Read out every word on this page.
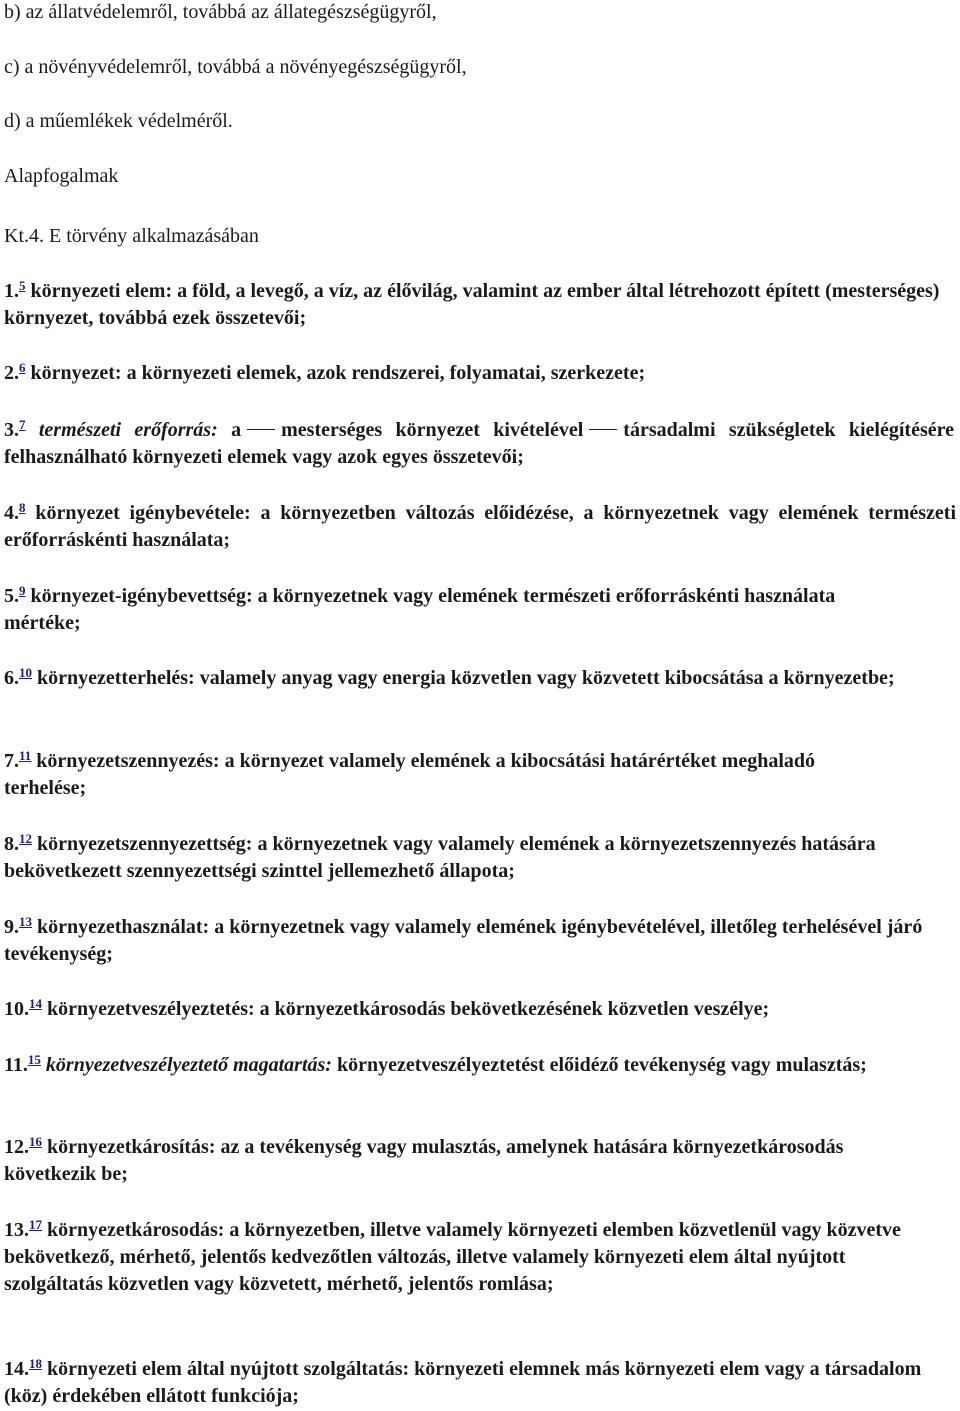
b) az állatvédelemről, továbbá az állategészségügyről,

c) a növényvédelemről, továbbá a növényegészségügyről,

d) a műemlékek védelméről.

Alapfogalmak

Kt.4. E törvény alkalmazásában

1.$^5$ környezeti elem: a föld, a levegő, a víz, az élővilág, valamint az ember által létrehozott épített (mesterséges) környezet, továbbá ezek összetevői;

2.$^6$ környezet: a környezeti elemek, azok rendszerei, folyamatai, szerkezete;

3.$^7$ természeti erőforrás: a mesterséges környezet kivételével társadalmi szükségletek kielégítésére felhasználható környezeti elemek vagy azok egyes összetevői;

4.$^8$ környezet igénybevétele: a környezetben változás előidézése, a környezetnek vagy elemének természeti erőforráskénti használata;

5.$^9$ környezet-igénybevettség: a környezetnek vagy elemének természeti erőforráskénti használata mértéke;

6.10 környezetterhelés: valamely anyag vagy energia közvetlen vagy közvetett kibocsátása a környezetbe;

7.11 környezetszennyezés: a környezet valamely elemének a kibocsátási határértéket meghaladó terhelése;

8.12 környezetszennyezettség: a környezetnek vagy valamely elemének a környezetszennyezés hatására bekövetkezett szennyezettségi szinttel jellemezhető állapota;

9.13 környezethasználat: a környezetnek vagy valamely elemének igénybevételével, illetőleg terhelésével járó tevékenység;

10.14 környezetveszélyeztetés: a környezetkárosodás bekövetkezésének közvetlen veszélye;

11.15 környezetveszélyeztető magatartás: környezetveszélyeztetést előidéző tevékenység vagy mulasztás;

12.16 környezetkárosítás: az a tevékenység vagy mulasztás, amelynek hatására környezetkárosodás következik be;

13.17 környezetkárosodás: a környezetben, illetve valamely környezeti elemben közvetlenül vagy közvetve bekövetkező, mérhető, jelentős kedvezőtlen változás, illetve valamely környezeti elem által nyújtott szolgáltatás közvetlen vagy közvetett, mérhető, jelentős romlása;

14.18 környezeti elem által nyújtott szolgáltatás: környezeti elemnek más környezeti elem vagy a társadalom (köz) érdekében ellátott funkciója;
